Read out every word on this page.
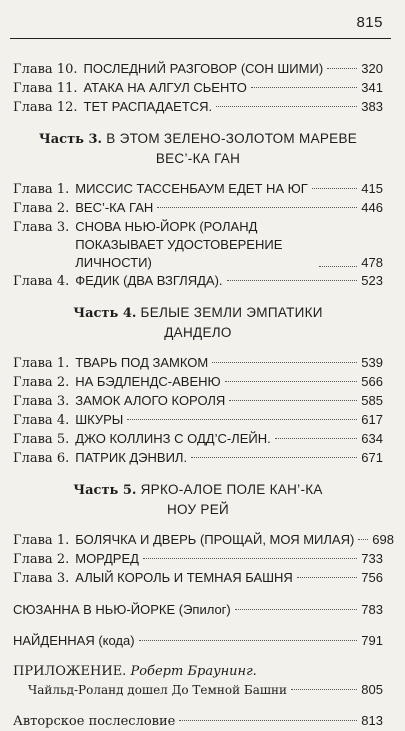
815
Глава 10. ПОСЛЕДНИЙ РАЗГОВОР (СОН ШИМИ)	320
Глава 11. АТАКА НА АЛГУЛ СЬЕНТО	341
Глава 12. ТЕТ РАСПАДАЕТСЯ.	383
Часть 3. В ЭТОМ ЗЕЛЕНО-ЗОЛОТОМ МАРЕВЕ
ВЕС’-КА ГАН
Глава 1. МИССИС ТАССЕНБАУМ ЕДЕТ НА ЮГ	415
Глава 2. ВЕС’-КА ГАН	446
Глава 3. СНОВА НЬЮ-ЙОРК (РОЛАНД ПОКАЗЫВАЕТ УДОСТОВЕРЕНИЕ ЛИЧНОСТИ)	478
Глава 4. ФЕДИК (ДВА ВЗГЛЯДА).	523
Часть 4. БЕЛЫЕ ЗЕМЛИ ЭМПАТИКИ
ДАНДЕЛО
Глава 1. ТВАРЬ ПОД ЗАМКОМ	539
Глава 2. НА БЭДЛЕНДС-АВЕНЮ	566
Глава 3. ЗАМОК АЛОГО КОРОЛЯ	585
Глава 4. ШКУРЫ	617
Глава 5. ДЖО КОЛЛИНЗ С ОДД’С-ЛЕЙН.	634
Глава 6. ПАТРИК ДЭНВИЛ.	671
Часть 5. ЯРКО-АЛОЕ ПОЛЕ КАН’-КА
НОУ РЕЙ
Глава 1. БОЛЯЧКА И ДВЕРЬ (ПРОЩАЙ, МОЯ МИЛАЯ) 698
Глава 2. МОРДРЕД	733
Глава 3. АЛЫЙ КОРОЛЬ И ТЕМНАЯ БАШНЯ	756
СЮЗАННА В НЬЮ-ЙОРКЕ (Эпилог)	783
НАЙДЕННАЯ (кода)	791
ПРИЛОЖЕНИЕ. Роберт Браунинг.
Чайльд-Роланд дошел До Темной Башни	805
Авторское послесловие	813
